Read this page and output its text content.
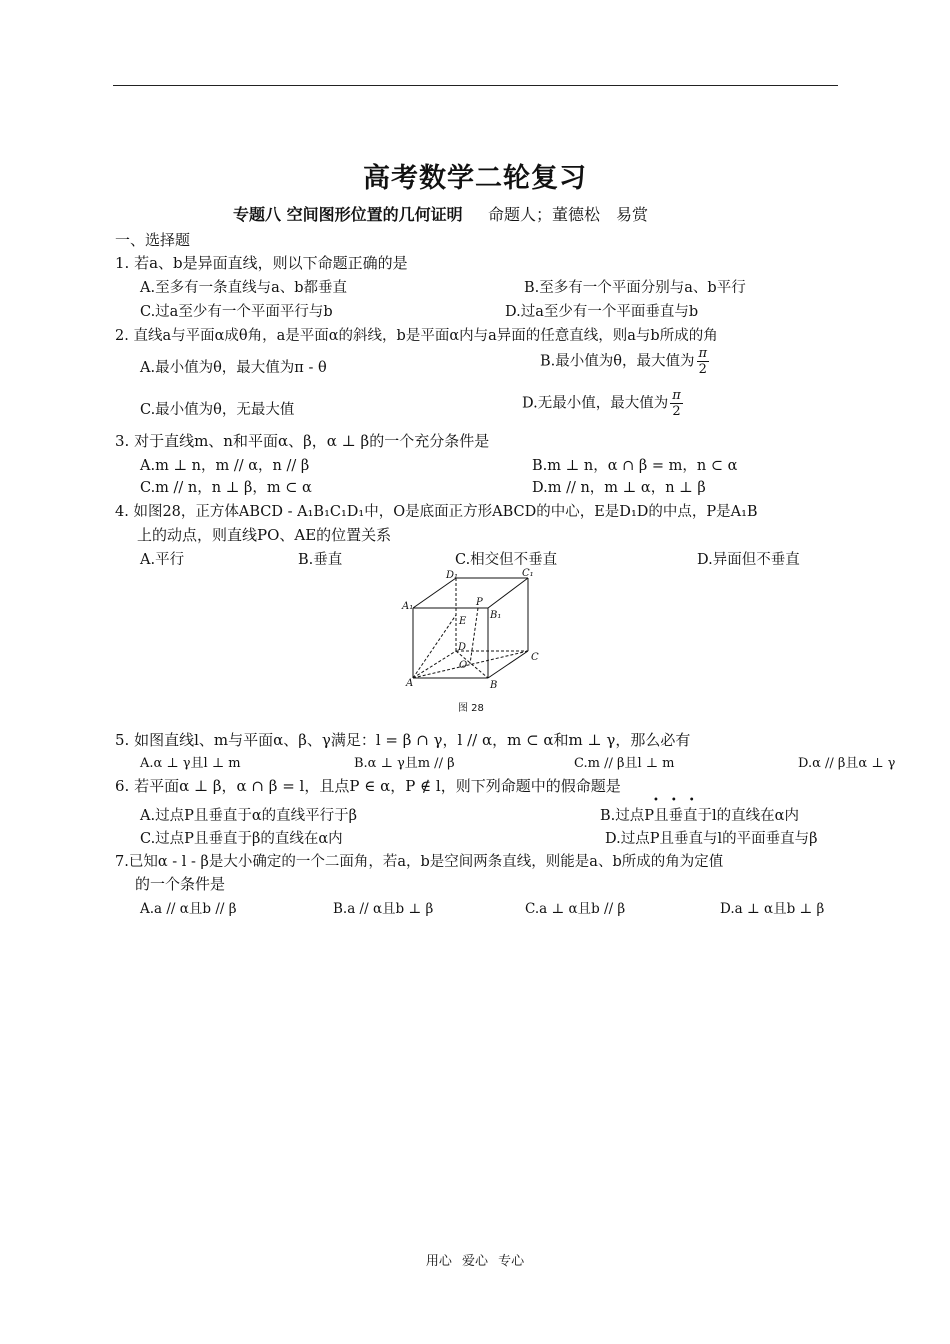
高考数学二轮复习
专题八 空间图形位置的几何证明 命题人；董德松　易赏
一、选择题
1. 若a、b是异面直线，则以下命题正确的是
A.至多有一条直线与a、b都垂直	B.至多有一个平面分别与a、b平行
C.过a至少有一个平面平行与b	D.过a至少有一个平面垂直与b
2. 直线a与平面α成θ角，a是平面α的斜线，b是平面α内与a异面的任意直线，则a与b所成的角
A.最小值为θ，最大值为π - θ	B.最小值为θ，最大值为 $\frac{\pi}{2}$
C.最小值为θ，无最大值	D.无最小值，最大值为 $\frac{\pi}{2}$
3. 对于直线m、n和平面α、β，α ⊥ β的一个充分条件是
A.m ⊥ n，m // α，n // β	B.m ⊥ n，α ∩ β = m，n ⊂ α
C.m // n，n ⊥ β，m ⊂ α	D.m // n，m ⊥ α，n ⊥ β
4. 如图28，正方体ABCD - A₁B₁C₁D₁中，O是底面正方形ABCD的中心，E是D₁D的中点，P是A₁B
上的动点，则直线PO、AE的位置关系
A.平行	B.垂直	C.相交但不垂直	D.异面但不垂直
D₁	C₁
A₁	P
B₁
E
D
C
O
A	B
图 28
5. 如图直线l、m与平面α、β、γ满足：l = β ∩ γ，l // α，m ⊂ α和m ⊥ γ，那么必有
A.α ⊥ γ且l ⊥ m	B.α ⊥ γ且m // β	C.m // β且l ⊥ m	D.α // β且α ⊥ γ
6. 若平面α ⊥ β，α ∩ β = l，且点P ∈ α，P ∉ l，则下列命题中的假命题是
•••
A.过点P且垂直于α的直线平行于β	B.过点P且垂直于l的直线在α内
C.过点P且垂直于β的直线在α内	D.过点P且垂直与l的平面垂直与β
7.已知α - l - β是大小确定的一个二面角，若a，b是空间两条直线，则能是a、b所成的角为定值
的一个条件是
A.a // α且b // β	B.a // α且b ⊥ β	C.a ⊥ α且b // β	D.a ⊥ α且b ⊥ β
用心 爱心 专心
